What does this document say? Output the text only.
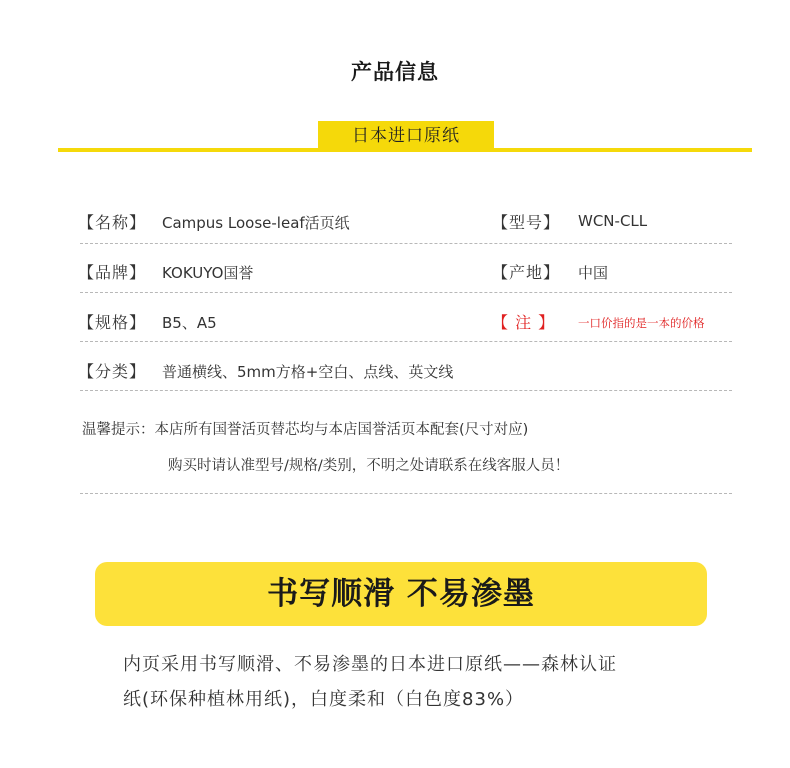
产品信息
日本进口原纸
【名称】 Campus Loose-leaf活页纸	【型号】 WCN-CLL
【品牌】 KOKUYO国誉	【产地】 中国
【规格】 B5、A5	【 注 】 一口价指的是一本的价格
【分类】 普通横线、5mm方格+空白、点线、英文线
温馨提示：本店所有国誉活页替芯均与本店国誉活页本配套(尺寸对应)
购买时请认准型号/规格/类别，不明之处请联系在线客服人员！
书写顺滑 不易渗墨
内页采用书写顺滑、不易渗墨的日本进口原纸——森林认证
纸(环保种植林用纸)，白度柔和（白色度83%）
